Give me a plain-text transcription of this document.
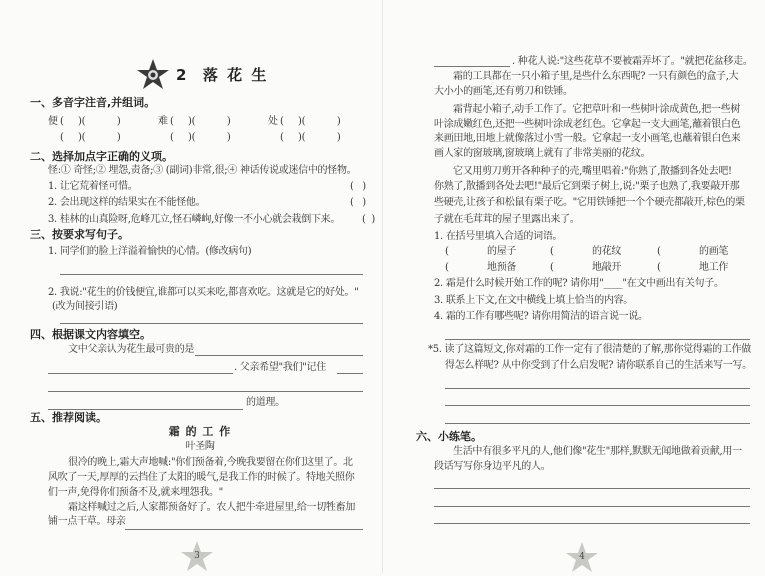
2 落 花 生
一、多音字注音,并组词。
便 (     )(           )	难 (     )(           )	处 (     )(           )
(     )(           )	(     )(           )	(     )(           )
二、选择加点字正确的义项。
怪:① 奇怪;② 埋怨,责备;③ (副词)非常,很;④ 神话传说或迷信中的怪物。
1. 让它荒着怪可惜。	(   )
2. 会出现这样的结果实在不能怪他。	(   )
3. 桂林的山真险呀,危峰兀立,怪石嶙峋,好像一不小心就会栽倒下来。 (  )
三、按要求写句子。
1. 同学们的脸上洋溢着愉快的心情。(修改病句)
2. 我说:"花生的价钱便宜,谁都可以买来吃,都喜欢吃。这就是它的好处。"
(改为间接引语)
四、根据课文内容填空。
文中父亲认为花生最可贵的是
. 父亲希望"我们"记住
的道理。
五、推荐阅读。
霜 的 工 作
叶圣陶
很冷的晚上,霜大声地喊:"你们预备着,今晚我要留在你们这里了。北
风吹了一天,厚厚的云挡住了太阳的暖气,是我工作的时候了。特地关照你
们一声,免得你们预备不及,就来埋怨我。"
霜这样喊过之后,人家都预备好了。农人把牛牵进屋里,给一切牲畜加
铺一点干草。母亲
3
. 种花人说:"这些花草不要被霜弄坏了。"就把花盆移走。
霜的工具都在一只小箱子里,是些什么东西呢? 一只有颜色的盒子,大
大小小的画笔,还有剪刀和铁锤。
霜背起小箱子,动手工作了。它把草叶和一些树叶涂成黄色,把一些树
叶涂成嫩红色,还把一些树叶涂成老红色。它拿起一支大画笔,蘸着银白色
来画田地,田地上就像落过小雪一般。它拿起一支小画笔,也蘸着银白色来
画人家的窗玻璃,窗玻璃上就有了非常美丽的花纹。
它又用剪刀剪开各种种子的壳,嘴里唱着:"你熟了,散播到各处去吧!
你熟了,散播到各处去吧!"最后它到栗子树上,说:"栗子也熟了,我要敲开那
些硬壳,让孩子和松鼠有栗子吃。"它用铁锤把一个个硬壳都敲开,棕色的栗
子就在毛茸茸的屋子里露出来了。
1. 在括号里填入合适的词语。
(	的屋子	(	的花纹	(	的画笔
(	地预备	(	地敲开	(	地工作
2. 霜是什么时候开始工作的呢? 请你用"____"在文中画出有关句子。
3. 联系上下文,在文中横线上填上恰当的内容。
4. 霜的工作有哪些呢? 请你用简洁的语言说一说。
*5. 读了这篇短文,你对霜的工作一定有了很清楚的了解,那你觉得霜的工作做
得怎么样呢? 从中你受到了什么启发呢? 请你联系自己的生活来写一写。
六、小练笔。
生活中有很多平凡的人,他们像"花生"那样,默默无闻地做着贡献,用一
段话写写你身边平凡的人。
4
